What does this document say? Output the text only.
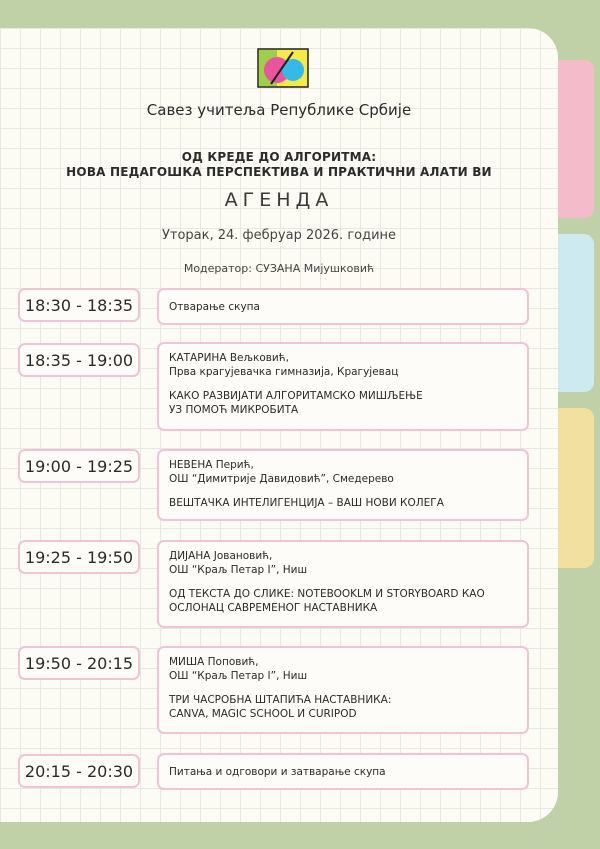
Савез учитеља Републике Србије
ОД КРЕДЕ ДО АЛГОРИТМА:
НОВА ПЕДАГОШКА ПЕРСПЕКТИВА И ПРАКТИЧНИ АЛАТИ ВИ
АГЕНДА
Уторак, 24. фебруар 2026. године
Модератор: СУЗАНА Мијушковић
18:30 - 18:35	Отварање скупа
18:35 - 19:00	КАТАРИНА Вељковић,
Прва крагујевачка гимназија, Крагујевац
КАКО РАЗВИЈАТИ АЛГОРИТАМСКО МИШЉЕЊЕ
УЗ ПОМОЋ МИКРОБИТА
19:00 - 19:25	НЕВЕНА Перић,
ОШ “Димитрије Давидовић”, Смедерево
ВЕШТАЧКА ИНТЕЛИГЕНЦИЈА – ВАШ НОВИ КОЛЕГА
19:25 - 19:50	ДИЈАНА Јовановић,
ОШ “Краљ Петар I”, Ниш
ОД ТЕКСТА ДО СЛИКЕ: NOTEBOOKLM И STORYBOARD КАО
ОСЛОНАЦ САВРЕМЕНОГ НАСТАВНИКА
19:50 - 20:15	МИША Поповић,
ОШ “Краљ Петар I”, Ниш
ТРИ ЧАСРОБНА ШТАПИЋА НАСТАВНИКА:
CANVA, MAGIC SCHOOL И CURIPOD
20:15 - 20:30	Питања и одговори и затварање скупа
